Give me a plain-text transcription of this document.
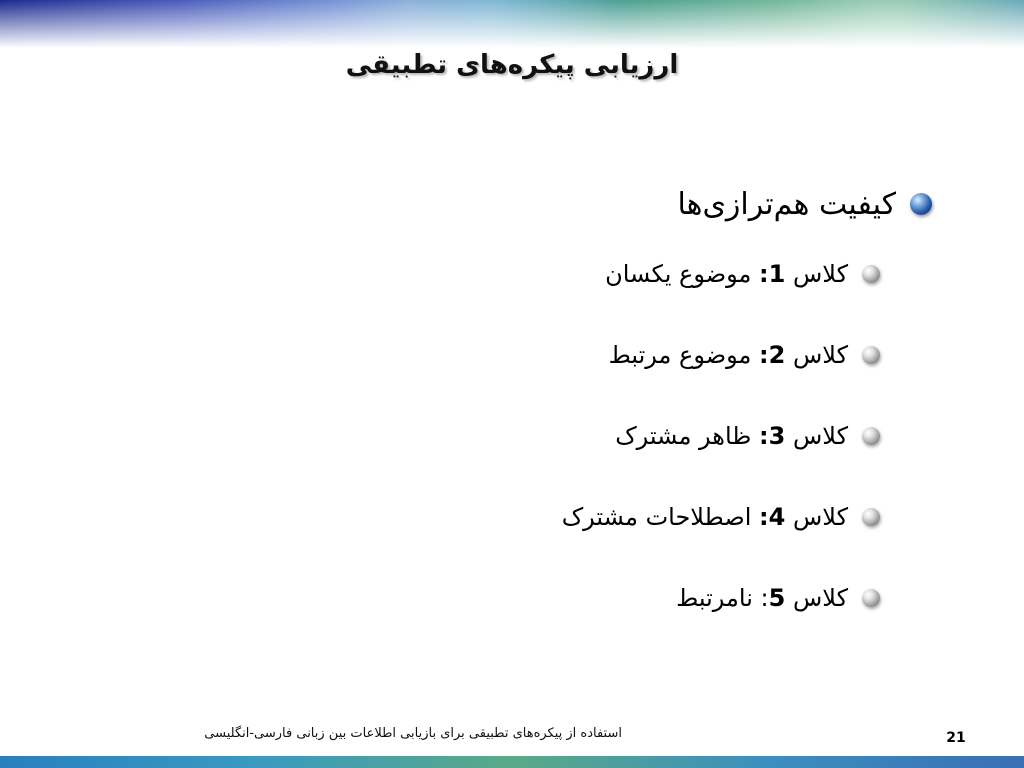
ارزیابی پیکره‌های تطبیقی
کیفیت هم‌ترازی‌ها
کلاس 1: موضوع یکسان
کلاس 2: موضوع مرتبط
کلاس 3: ظاهر مشترک
کلاس 4: اصطلاحات مشترک
کلاس 5: نامرتبط
استفاده از پیکره‌های تطبیقی برای بازیابی اطلاعات بین زبانی فارسی-انگلیسی	21
